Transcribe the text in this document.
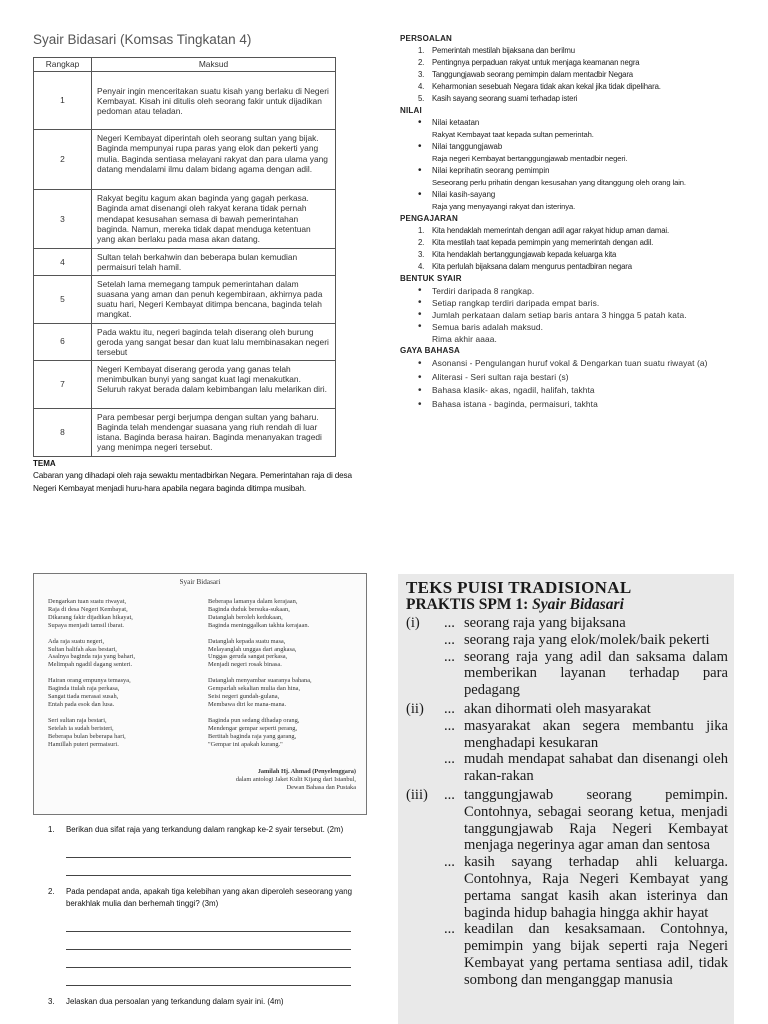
Syair Bidasari (Komsas Tingkatan 4)
Rangkap	Maksud
1	Penyair ingin menceritakan suatu kisah yang berlaku di Negeri Kembayat. Kisah ini ditulis oleh seorang fakir untuk dijadikan pedoman atau teladan.
2	Negeri Kembayat diperintah oleh seorang sultan yang bijak. Baginda mempunyai rupa paras yang elok dan pekerti yang mulia. Baginda sentiasa melayani rakyat dan para ulama yang datang mendalami ilmu dalam bidang agama dengan adil.
3	Rakyat begitu kagum akan baginda yang gagah perkasa. Baginda amat disenangi oleh rakyat kerana tidak pernah mendapat kesusahan semasa di bawah pemerintahan baginda. Namun, mereka tidak dapat menduga ketentuan yang akan berlaku pada masa akan datang.
4	Sultan telah berkahwin dan beberapa bulan kemudian permaisuri telah hamil.
5	Setelah lama memegang tampuk pemerintahan dalam suasana yang aman dan penuh kegembiraan, akhirnya pada suatu hari, Negeri Kembayat ditimpa bencana, baginda telah mangkat.
6	Pada waktu itu, negeri baginda telah diserang oleh burung geroda yang sangat besar dan kuat lalu membinasakan negeri tersebut
7	Negeri Kembayat diserang geroda yang ganas telah menimbulkan bunyi yang sangat kuat lagi menakutkan. Seluruh rakyat berada dalam kebimbangan lalu melarikan diri.
8	Para pembesar pergi berjumpa dengan sultan yang baharu. Baginda telah mendengar suasana yang riuh rendah di luar istana. Baginda berasa hairan. Baginda menanyakan tragedi yang menimpa negeri tersebut.
TEMA
Cabaran yang dihadapi oleh raja sewaktu mentadbirkan Negara. Pemerintahan raja di desa Negeri Kembayat menjadi huru-hara apabila negara baginda ditimpa musibah.
PERSOALAN
1. Pemerintah mestilah bijaksana dan berilmu
2. Pentingnya perpaduan rakyat untuk menjaga keamanan negra
3. Tanggungjawab seorang pemimpin dalam mentadbir Negara
4. Keharmonian sesebuah Negara tidak akan kekal jika tidak dipelihara.
5. Kasih sayang seorang suami terhadap isteri
NILAI
• Nilai ketaatan
Rakyat Kembayat taat kepada sultan pemerintah.
• Nilai tanggungjawab
Raja negeri Kembayat bertanggungjawab mentadbir negeri.
• Nilai keprihatin seorang pemimpin
Seseorang perlu prihatin dengan kesusahan yang ditanggung oleh orang lain.
• Nilai kasih-sayang
Raja yang menyayangi rakyat dan isterinya.
PENGAJARAN
1. Kita hendaklah memerintah dengan adil agar rakyat hidup aman damai.
2. Kita mestilah taat kepada pemimpin yang memerintah dengan adil.
3. Kita hendaklah bertanggungjawab kepada keluarga kita
4. Kita perlulah bijaksana dalam mengurus pentadbiran negara
BENTUK SYAIR
• Terdiri daripada 8 rangkap.
• Setiap rangkap terdiri daripada empat baris.
• Jumlah perkataan dalam setiap baris antara 3 hingga 5 patah kata.
• Semua baris adalah maksud.
Rima akhir aaaa.
GAYA BAHASA
• Asonansi - Pengulangan huruf vokal & Dengarkan tuan suatu riwayat (a)
• Aliterasi - Seri sultan raja bestari (s)
• Bahasa klasik- akas, ngadil, halifah, takhta
• Bahasa istana - baginda, permaisuri, takhta
Syair Bidasari
Dengarkan tuan suatu riwayat,
Raja di desa Negeri Kembayat,
Dikarang fakir dijadikan hikayat,
Supaya menjadi tamsil ibarat.
Ada raja suatu negeri,
Sultan halifah akas bestari,
Asalnya baginda raja yang bahari,
Melimpah ngadil dagang senteri.
Hairan orang empunya temasya,
Baginda itulah raja perkasa,
Sangat tiada merasai susah,
Entah pada esok dan lusa.
Seri sultan raja bestari,
Setelah ia sudah beristeri,
Beberapa bulan beberapa hari,
Hamillah puteri permaisuri.
Beberapa lamanya dalam kerajaan,
Baginda duduk bersuka-sukaan,
Datanglah beroleh kedukaan,
Baginda meninggalkan takhta kerajaan.
Datanglah kepada suatu masa,
Melayanglah unggas dari angkasa,
Unggas geruda sangat perkasa,
Menjadi negeri rosak binasa.
Datanglah menyambar suaranya bahana,
Gemparlah sekalian mulia dan hina,
Seisi negeri gundah-gulana,
Membawa diri ke mana-mana.
Baginda pun sedang dihadap orang,
Mendengar gempar seperti perang,
Bertitah baginda raja yang garang,
"Gempar ini apakah kurang."
Jamilah Hj. Ahmad (Penyelenggara)
dalam antologi Jaket Kulit Kijang dari Istanbul,
Dewan Bahasa dan Pustaka
1. Berikan dua sifat raja yang terkandung dalam rangkap ke-2 syair tersebut. (2m)
2. Pada pendapat anda, apakah tiga kelebihan yang akan diperoleh seseorang yang berakhlak mulia dan berhemah tinggi? (3m)
3. Jelaskan dua persoalan yang terkandung dalam syair ini. (4m)
TEKS PUISI TRADISIONAL
PRAKTIS SPM 1: Syair Bidasari
(i)	... seorang raja yang bijaksana
... seorang raja yang elok/molek/baik pekerti
... seorang raja yang adil dan saksama dalam memberikan layanan terhadap para pedagang
(ii)	... akan dihormati oleh masyarakat
... masyarakat akan segera membantu jika menghadapi kesukaran
... mudah mendapat sahabat dan disenangi oleh rakan-rakan
(iii)	... tanggungjawab seorang pemimpin. Contohnya, sebagai seorang ketua, menjadi tanggungjawab Raja Negeri Kembayat menjaga negerinya agar aman dan sentosa
... kasih sayang terhadap ahli keluarga. Contohnya, Raja Negeri Kembayat yang pertama sangat kasih akan isterinya dan baginda hidup bahagia hingga akhir hayat
... keadilan dan kesaksamaan. Contohnya, pemimpin yang bijak seperti raja Negeri Kembayat yang pertama sentiasa adil, tidak sombong dan menganggap manusia
